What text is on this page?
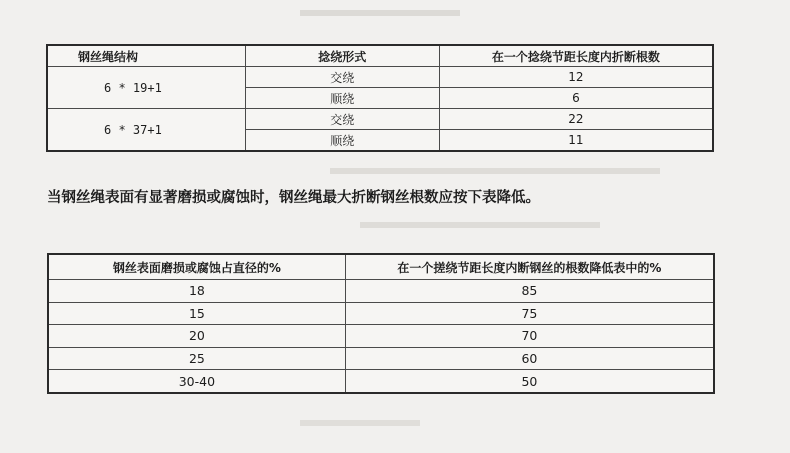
钢丝绳结构	捻绕形式	在一个捻绕节距长度内折断根数
6 * 19+1	交绕	12
	顺绕	6
6 * 37+1	交绕	22
	顺绕	11
当钢丝绳表面有显著磨损或腐蚀时，钢丝绳最大折断钢丝根数应按下表降低。
钢丝表面磨损或腐蚀占直径的%	在一个搓绕节距长度内断钢丝的根数降低表中的%
18	85
15	75
20	70
25	60
30-40	50
